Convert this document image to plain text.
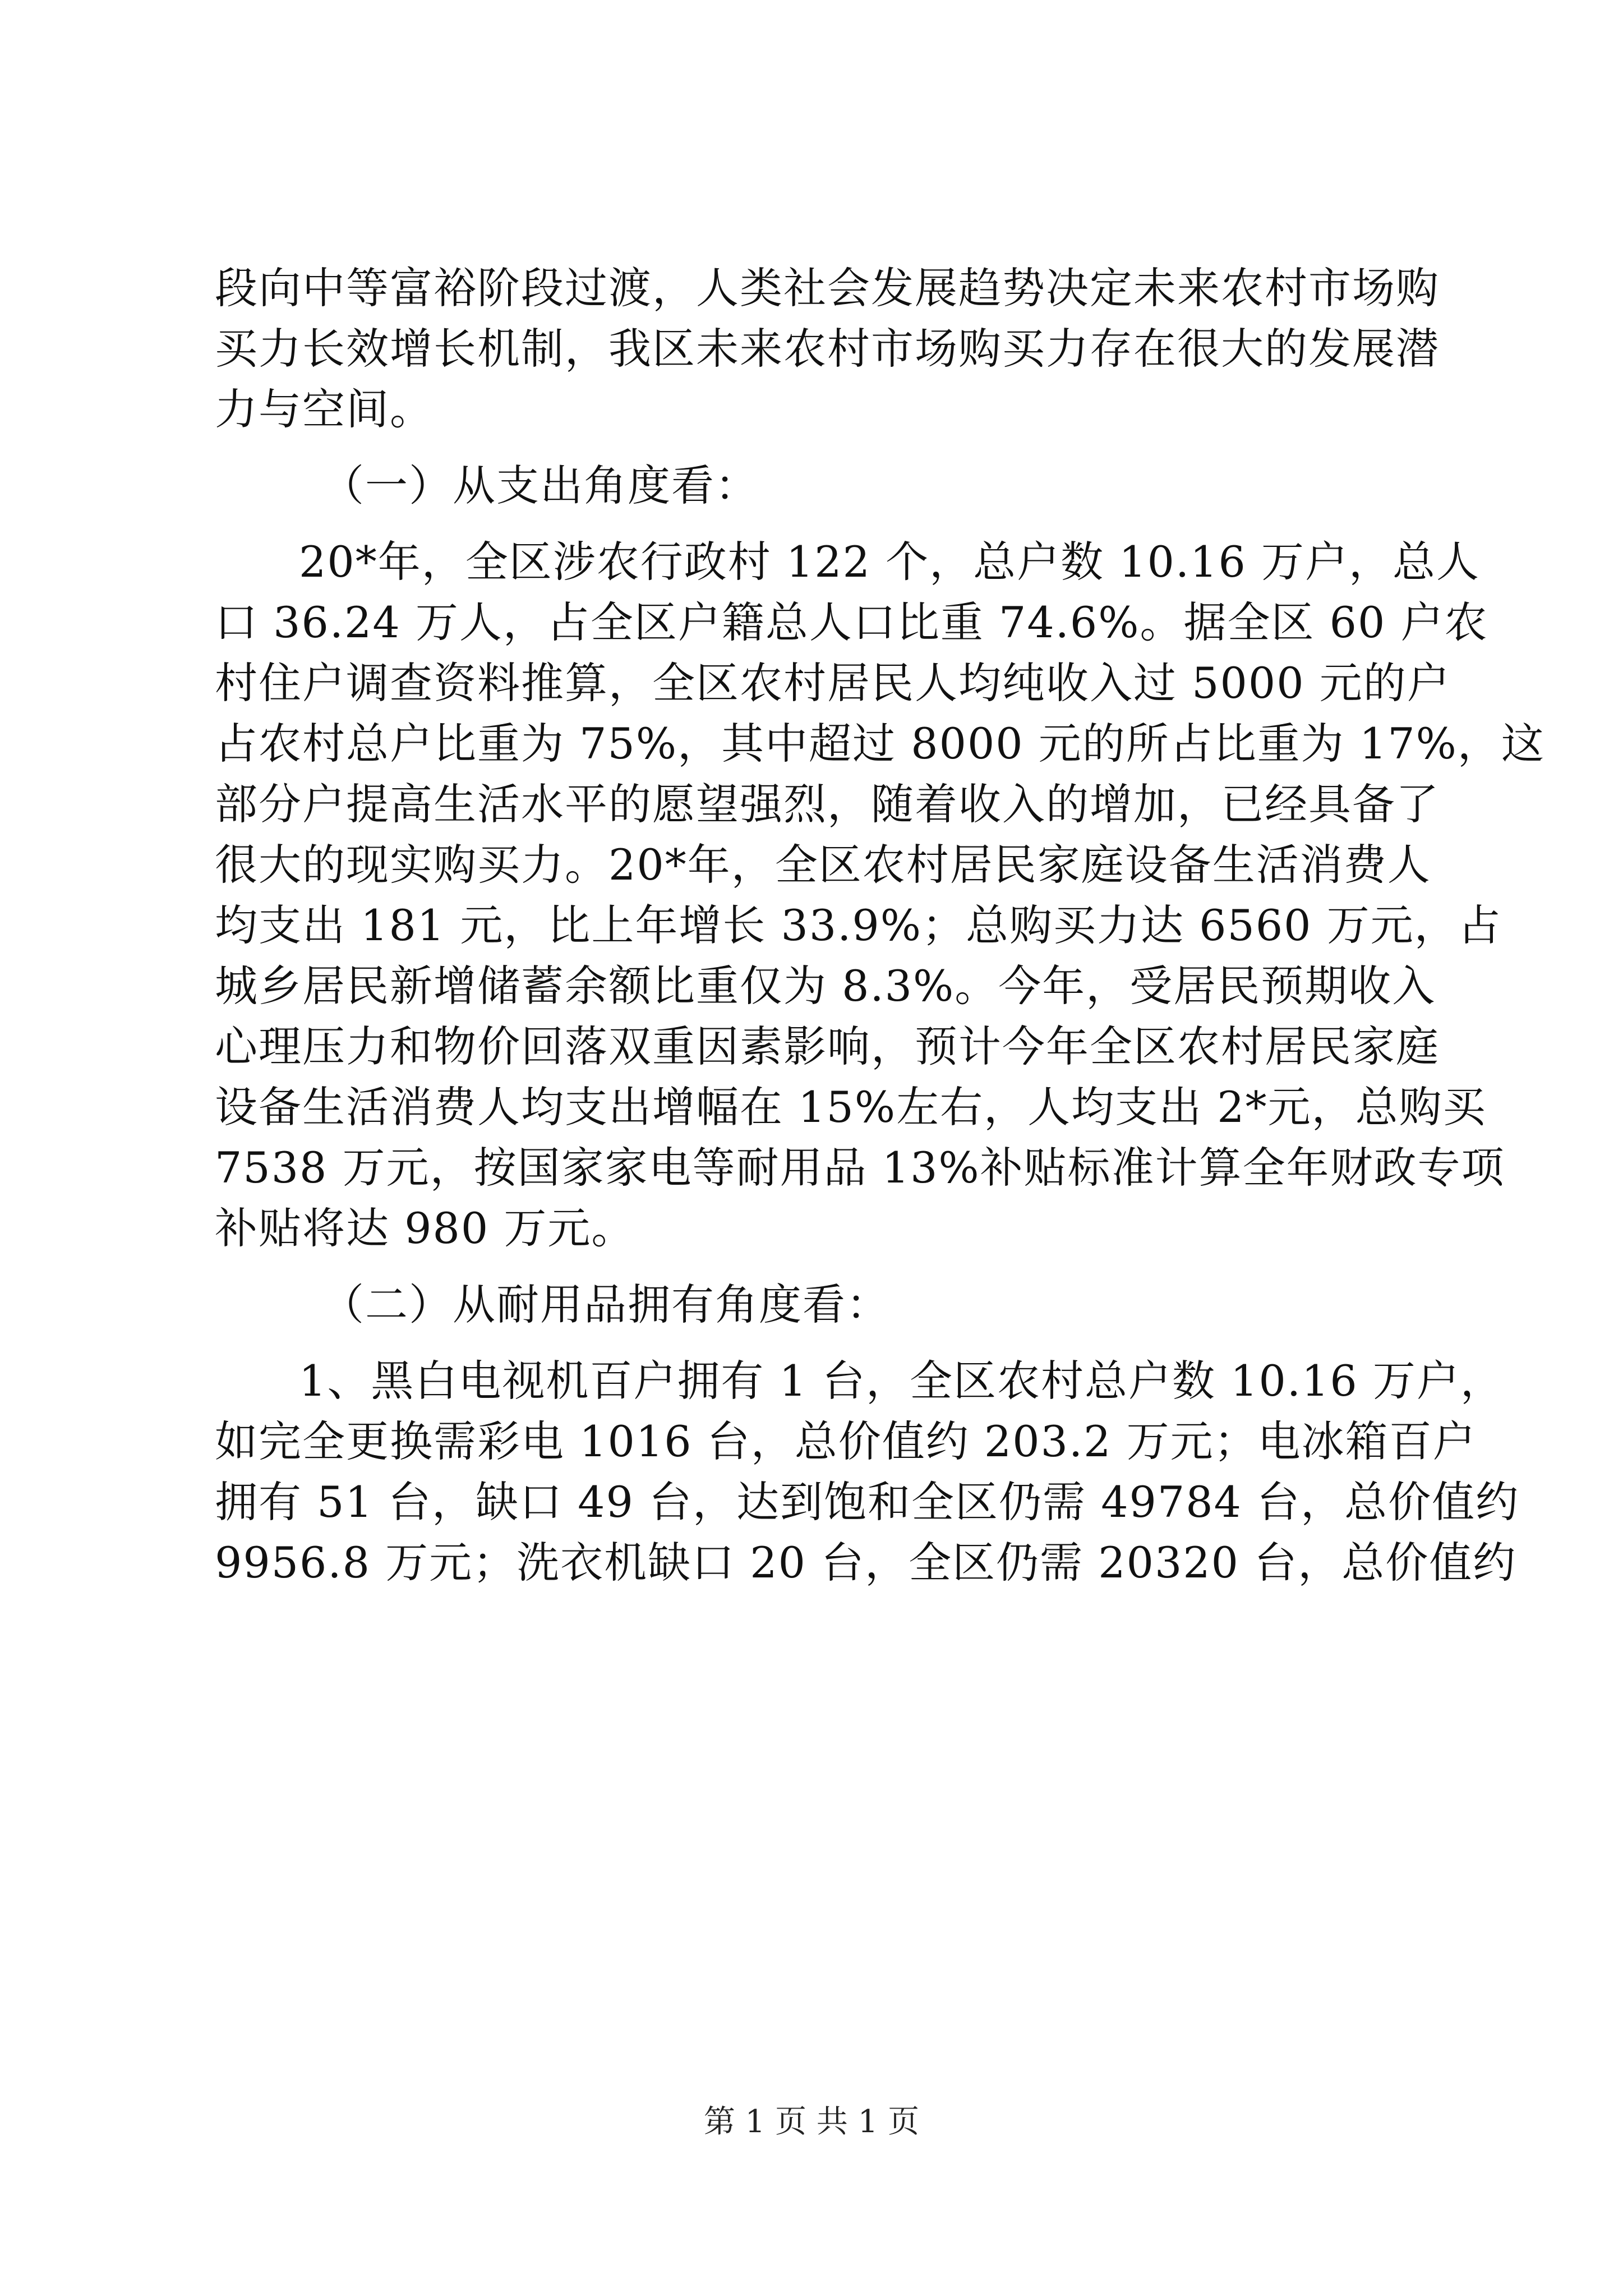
段向中等富裕阶段过渡，人类社会发展趋势决定未来农村市场购
买力长效增长机制，我区未来农村市场购买力存在很大的发展潜
力与空间。
（一）从支出角度看：
20*年，全区涉农行政村 122 个，总户数 10.16 万户，总人
口 36.24 万人，占全区户籍总人口比重 74.6%。据全区 60 户农
村住户调查资料推算，全区农村居民人均纯收入过 5000 元的户
占农村总户比重为 75%，其中超过 8000 元的所占比重为 17%，这
部分户提高生活水平的愿望强烈，随着收入的增加，已经具备了
很大的现实购买力。20*年，全区农村居民家庭设备生活消费人
均支出 181 元，比上年增长 33.9%；总购买力达 6560 万元，占
城乡居民新增储蓄余额比重仅为 8.3%。今年，受居民预期收入
心理压力和物价回落双重因素影响，预计今年全区农村居民家庭
设备生活消费人均支出增幅在 15%左右，人均支出 2*元，总购买
7538 万元，按国家家电等耐用品 13%补贴标准计算全年财政专项
补贴将达 980 万元。
（二）从耐用品拥有角度看：
1、黑白电视机百户拥有 1 台，全区农村总户数 10.16 万户，
如完全更换需彩电 1016 台，总价值约 203.2 万元；电冰箱百户
拥有 51 台，缺口 49 台，达到饱和全区仍需 49784 台，总价值约
9956.8 万元；洗衣机缺口 20 台，全区仍需 20320 台，总价值约
第 1 页 共 1 页
